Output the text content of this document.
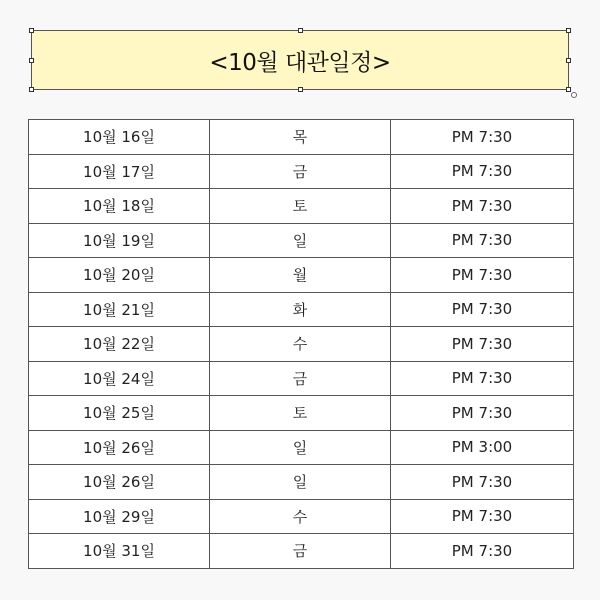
<10월 대관일정>
10월 16일	목	PM 7:30
10월 17일	금	PM 7:30
10월 18일	토	PM 7:30
10월 19일	일	PM 7:30
10월 20일	월	PM 7:30
10월 21일	화	PM 7:30
10월 22일	수	PM 7:30
10월 24일	금	PM 7:30
10월 25일	토	PM 7:30
10월 26일	일	PM 3:00
10월 26일	일	PM 7:30
10월 29일	수	PM 7:30
10월 31일	금	PM 7:30
